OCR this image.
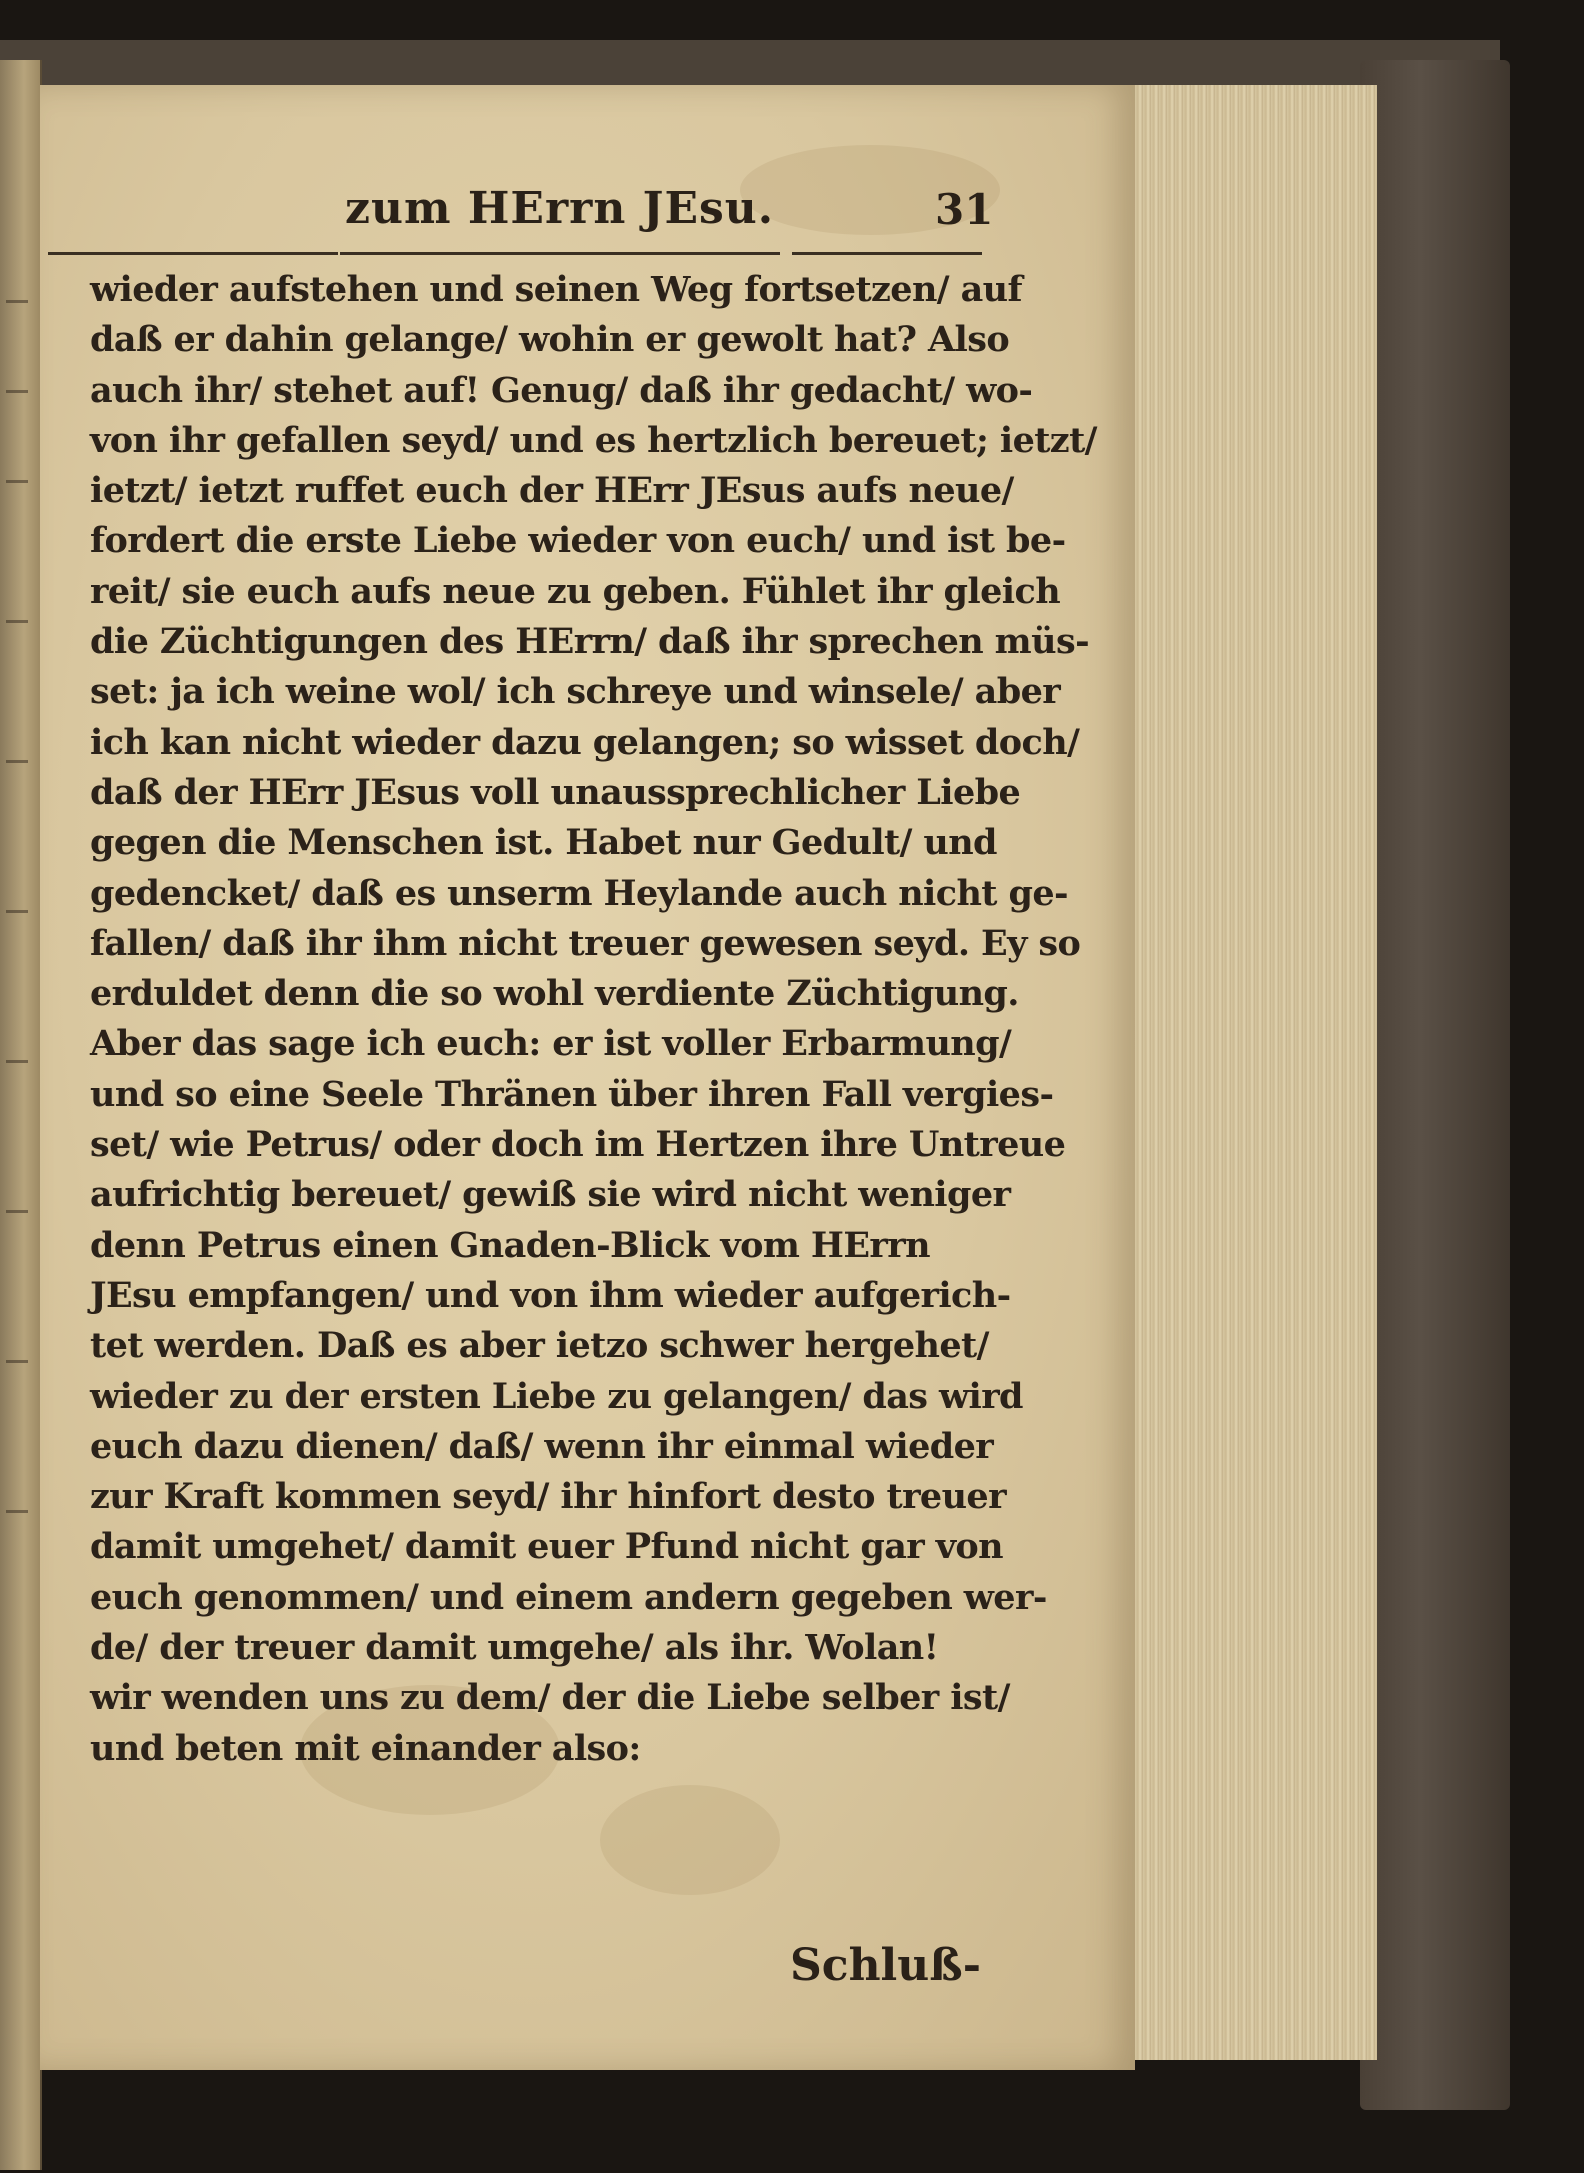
zum HErrn JEsu.	31
wieder aufstehen und seinen Weg fortsetzen/ auf
daß er dahin gelange/ wohin er gewolt hat? Also
auch ihr/ stehet auf! Genug/ daß ihr gedacht/ wo-
von ihr gefallen seyd/ und es hertzlich bereuet; ietzt/
ietzt/ ietzt ruffet euch der HErr JEsus aufs neue/
fordert die erste Liebe wieder von euch/ und ist be-
reit/ sie euch aufs neue zu geben. Fühlet ihr gleich
die Züchtigungen des HErrn/ daß ihr sprechen müs-
set: ja ich weine wol/ ich schreye und winsele/ aber
ich kan nicht wieder dazu gelangen; so wisset doch/
daß der HErr JEsus voll unaussprechlicher Liebe
gegen die Menschen ist. Habet nur Gedult/ und
gedencket/ daß es unserm Heylande auch nicht ge-
fallen/ daß ihr ihm nicht treuer gewesen seyd. Ey so
erduldet denn die so wohl verdiente Züchtigung.
Aber das sage ich euch: er ist voller Erbarmung/
und so eine Seele Thränen über ihren Fall vergies-
set/ wie Petrus/ oder doch im Hertzen ihre Untreue
aufrichtig bereuet/ gewiß sie wird nicht weniger
denn Petrus einen Gnaden-Blick vom HErrn
JEsu empfangen/ und von ihm wieder aufgerich-
tet werden. Daß es aber ietzo schwer hergehet/
wieder zu der ersten Liebe zu gelangen/ das wird
euch dazu dienen/ daß/ wenn ihr einmal wieder
zur Kraft kommen seyd/ ihr hinfort desto treuer
damit umgehet/ damit euer Pfund nicht gar von
euch genommen/ und einem andern gegeben wer-
de/ der treuer damit umgehe/ als ihr. Wolan!
wir wenden uns zu dem/ der die Liebe selber ist/
und beten mit einander also:
Schluß-
